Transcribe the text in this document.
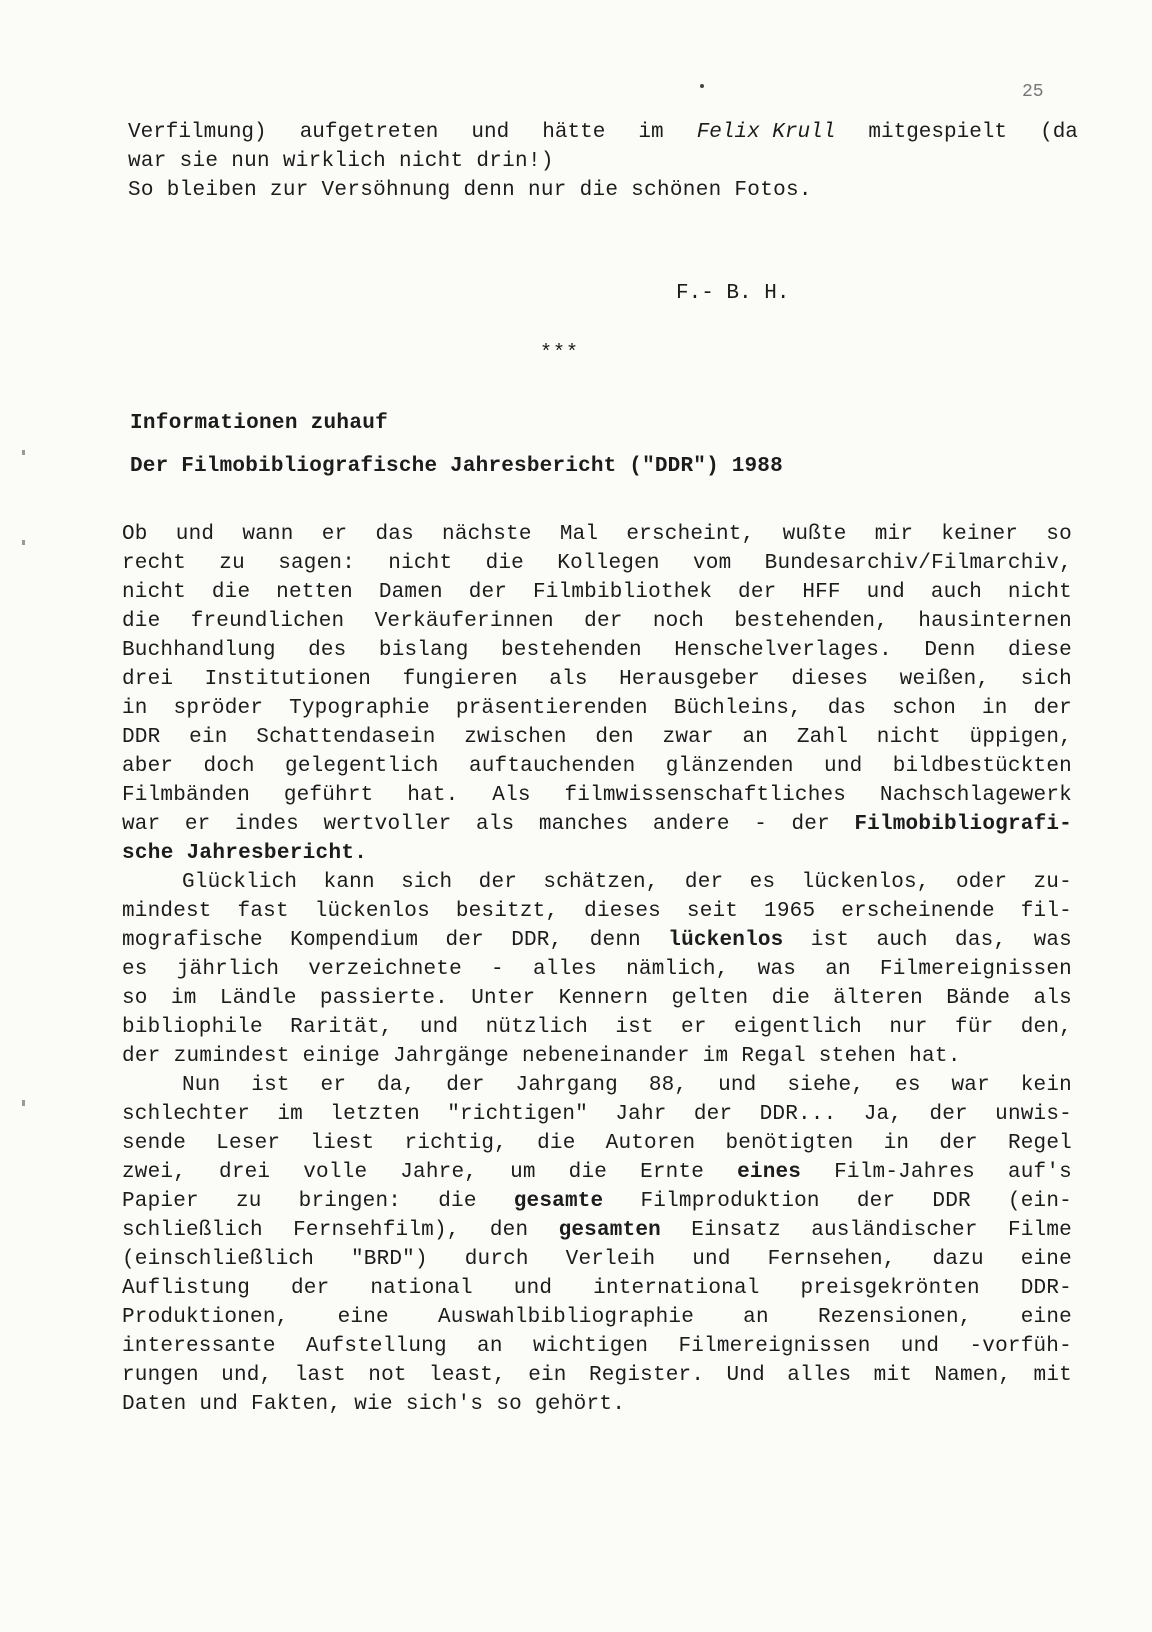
25
Verfilmung) aufgetreten und hätte im Felix Krull mitgespielt (da
war sie nun wirklich nicht drin!)
So bleiben zur Versöhnung denn nur die schönen Fotos.
F.- B. H.
***
Informationen zuhauf
Der Filmobibliografische Jahresbericht ("DDR") 1988
Ob und wann er das nächste Mal erscheint, wußte mir keiner so
recht zu sagen: nicht die Kollegen vom Bundesarchiv/Filmarchiv,
nicht die netten Damen der Filmbibliothek der HFF und auch nicht
die freundlichen Verkäuferinnen der noch bestehenden, hausinternen
Buchhandlung des bislang bestehenden Henschelverlages. Denn diese
drei Institutionen fungieren als Herausgeber dieses weißen, sich
in spröder Typographie präsentierenden Büchleins, das schon in der
DDR ein Schattendasein zwischen den zwar an Zahl nicht üppigen,
aber doch gelegentlich auftauchenden glänzenden und bildbestückten
Filmbänden geführt hat. Als filmwissenschaftliches Nachschlagewerk
war er indes wertvoller als manches andere - der Filmobibliografi-
sche Jahresbericht.
Glücklich kann sich der schätzen, der es lückenlos, oder zu-
mindest fast lückenlos besitzt, dieses seit 1965 erscheinende fil-
mografische Kompendium der DDR, denn lückenlos ist auch das, was
es jährlich verzeichnete - alles nämlich, was an Filmereignissen
so im Ländle passierte. Unter Kennern gelten die älteren Bände als
bibliophile Rarität, und nützlich ist er eigentlich nur für den,
der zumindest einige Jahrgänge nebeneinander im Regal stehen hat.
Nun ist er da, der Jahrgang 88, und siehe, es war kein
schlechter im letzten "richtigen" Jahr der DDR... Ja, der unwis-
sende Leser liest richtig, die Autoren benötigten in der Regel
zwei, drei volle Jahre, um die Ernte eines Film-Jahres auf's
Papier zu bringen: die gesamte Filmproduktion der DDR (ein-
schließlich Fernsehfilm), den gesamten Einsatz ausländischer Filme
(einschließlich "BRD") durch Verleih und Fernsehen, dazu eine
Auflistung der national und international preisgekrönten DDR-
Produktionen, eine Auswahlbibliographie an Rezensionen, eine
interessante Aufstellung an wichtigen Filmereignissen und -vorfüh-
rungen und, last not least, ein Register. Und alles mit Namen, mit
Daten und Fakten, wie sich's so gehört.
